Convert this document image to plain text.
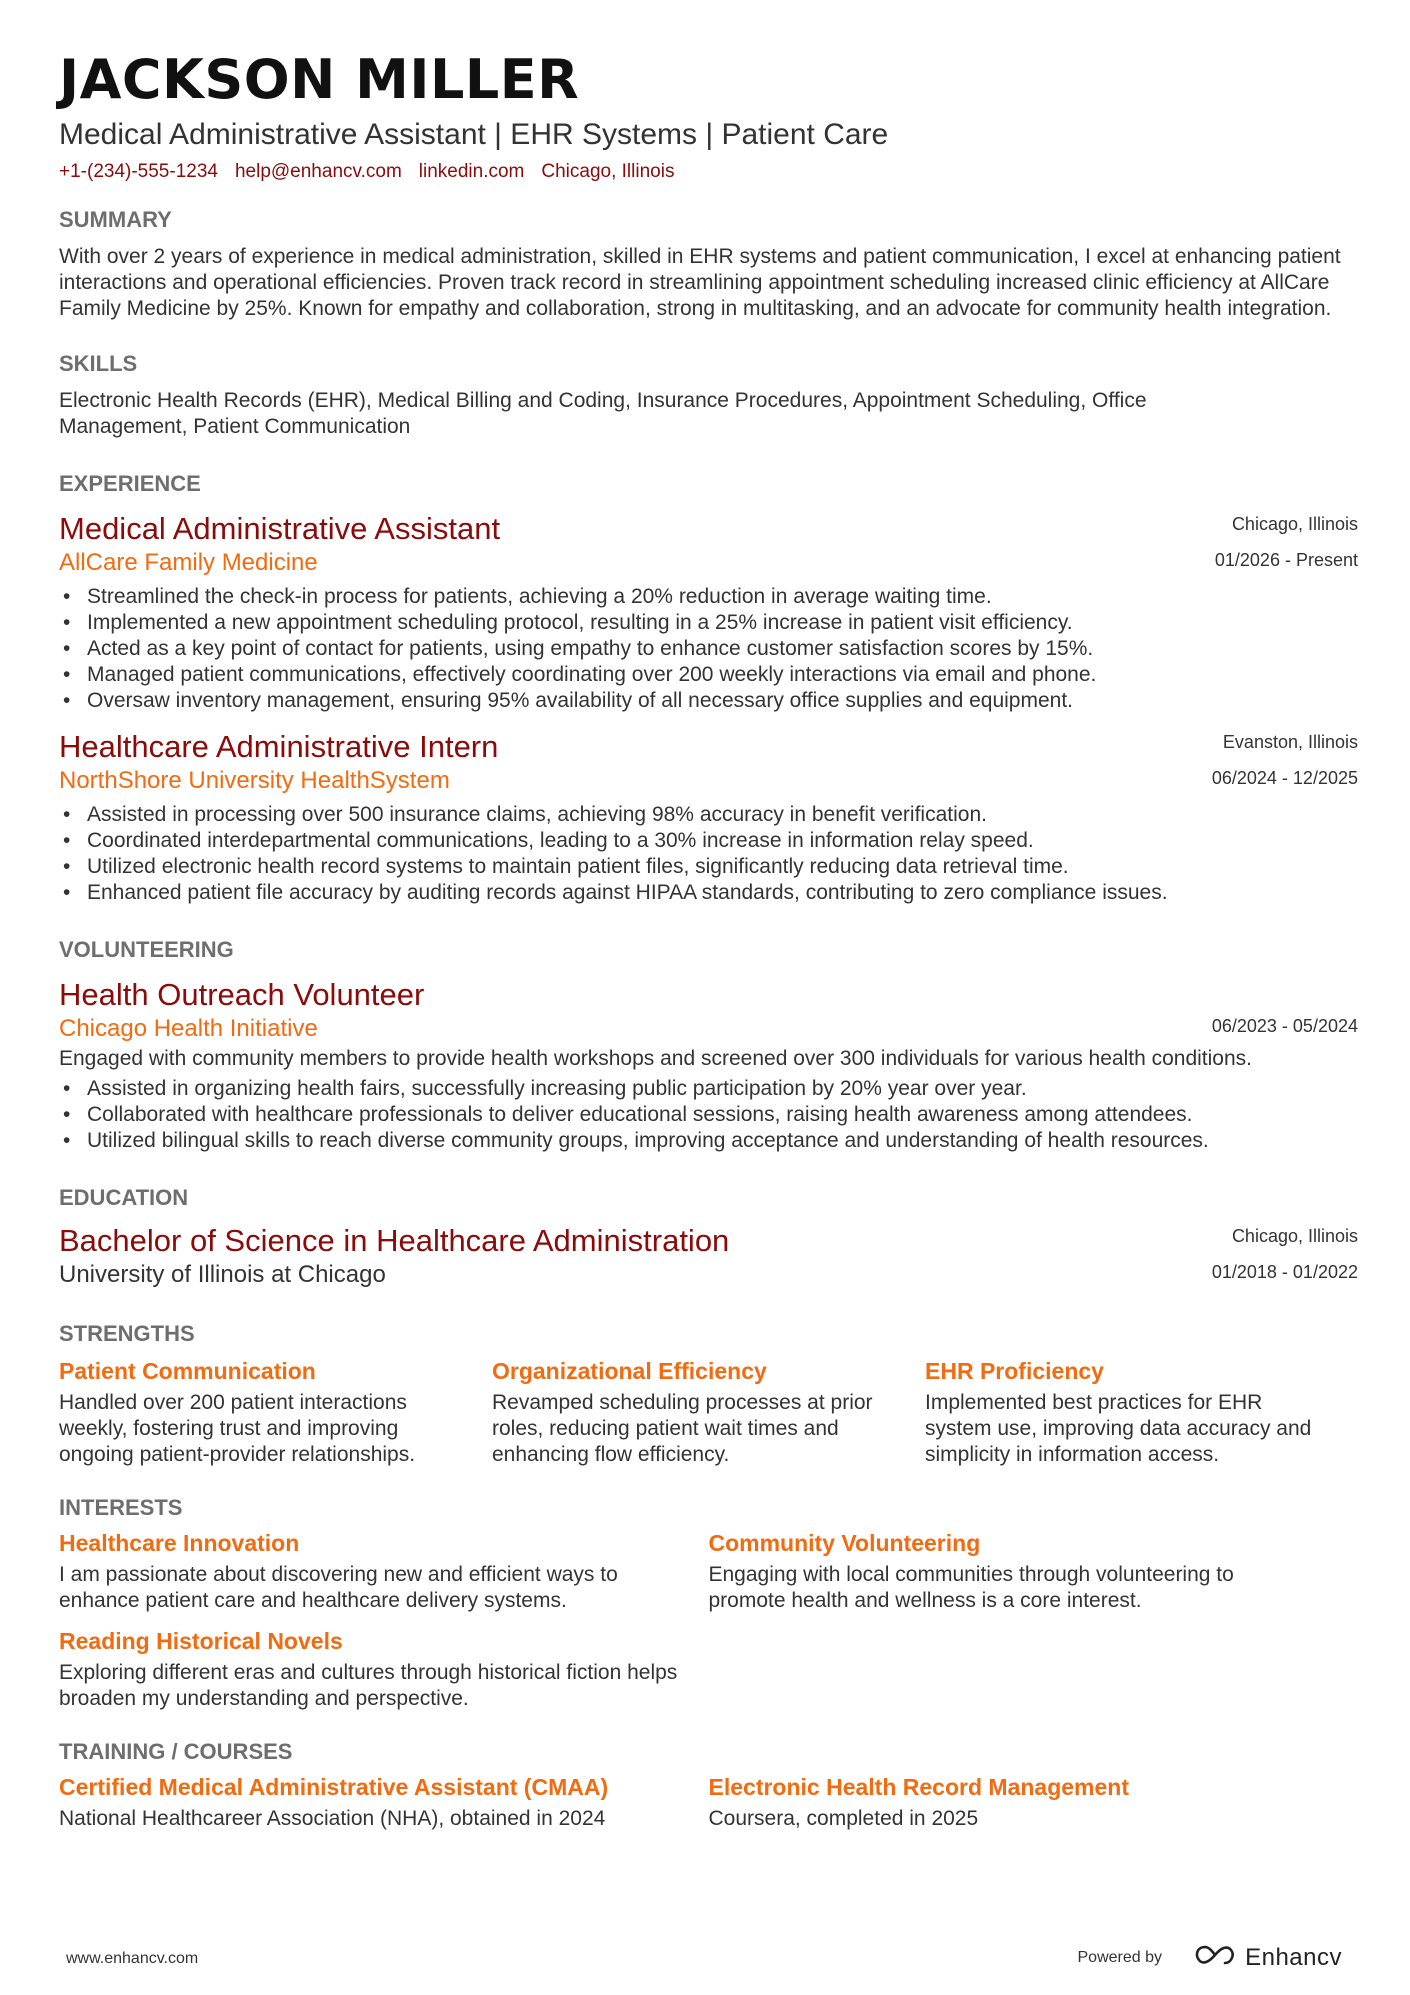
JACKSON MILLER
Medical Administrative Assistant | EHR Systems | Patient Care
+1-(234)-555-1234 help@enhancv.com linkedin.com Chicago, Illinois
SUMMARY
With over 2 years of experience in medical administration, skilled in EHR systems and patient communication, I excel at enhancing patient interactions and operational efficiencies. Proven track record in streamlining appointment scheduling increased clinic efficiency at AllCare Family Medicine by 25%. Known for empathy and collaboration, strong in multitasking, and an advocate for community health integration.
SKILLS
Electronic Health Records (EHR), Medical Billing and Coding, Insurance Procedures, Appointment Scheduling, Office Management, Patient Communication
EXPERIENCE
Medical Administrative Assistant
AllCare Family Medicine
Chicago, Illinois
01/2026 - Present
• Streamlined the check-in process for patients, achieving a 20% reduction in average waiting time.
• Implemented a new appointment scheduling protocol, resulting in a 25% increase in patient visit efficiency.
• Acted as a key point of contact for patients, using empathy to enhance customer satisfaction scores by 15%.
• Managed patient communications, effectively coordinating over 200 weekly interactions via email and phone.
• Oversaw inventory management, ensuring 95% availability of all necessary office supplies and equipment.
Healthcare Administrative Intern
NorthShore University HealthSystem
Evanston, Illinois
06/2024 - 12/2025
• Assisted in processing over 500 insurance claims, achieving 98% accuracy in benefit verification.
• Coordinated interdepartmental communications, leading to a 30% increase in information relay speed.
• Utilized electronic health record systems to maintain patient files, significantly reducing data retrieval time.
• Enhanced patient file accuracy by auditing records against HIPAA standards, contributing to zero compliance issues.
VOLUNTEERING
Health Outreach Volunteer
Chicago Health Initiative	06/2023 - 05/2024
Engaged with community members to provide health workshops and screened over 300 individuals for various health conditions.
• Assisted in organizing health fairs, successfully increasing public participation by 20% year over year.
• Collaborated with healthcare professionals to deliver educational sessions, raising health awareness among attendees.
• Utilized bilingual skills to reach diverse community groups, improving acceptance and understanding of health resources.
EDUCATION
Bachelor of Science in Healthcare Administration
University of Illinois at Chicago
Chicago, Illinois
01/2018 - 01/2022
STRENGTHS
Patient Communication
Handled over 200 patient interactions weekly, fostering trust and improving ongoing patient-provider relationships.
Organizational Efficiency
Revamped scheduling processes at prior roles, reducing patient wait times and enhancing flow efficiency.
EHR Proficiency
Implemented best practices for EHR system use, improving data accuracy and simplicity in information access.
INTERESTS
Healthcare Innovation
I am passionate about discovering new and efficient ways to enhance patient care and healthcare delivery systems.
Reading Historical Novels
Exploring different eras and cultures through historical fiction helps broaden my understanding and perspective.
Community Volunteering
Engaging with local communities through volunteering to promote health and wellness is a core interest.
TRAINING / COURSES
Certified Medical Administrative Assistant (CMAA)
National Healthcareer Association (NHA), obtained in 2024
Electronic Health Record Management
Coursera, completed in 2025
www.enhancv.com	Powered by	Enhancv
